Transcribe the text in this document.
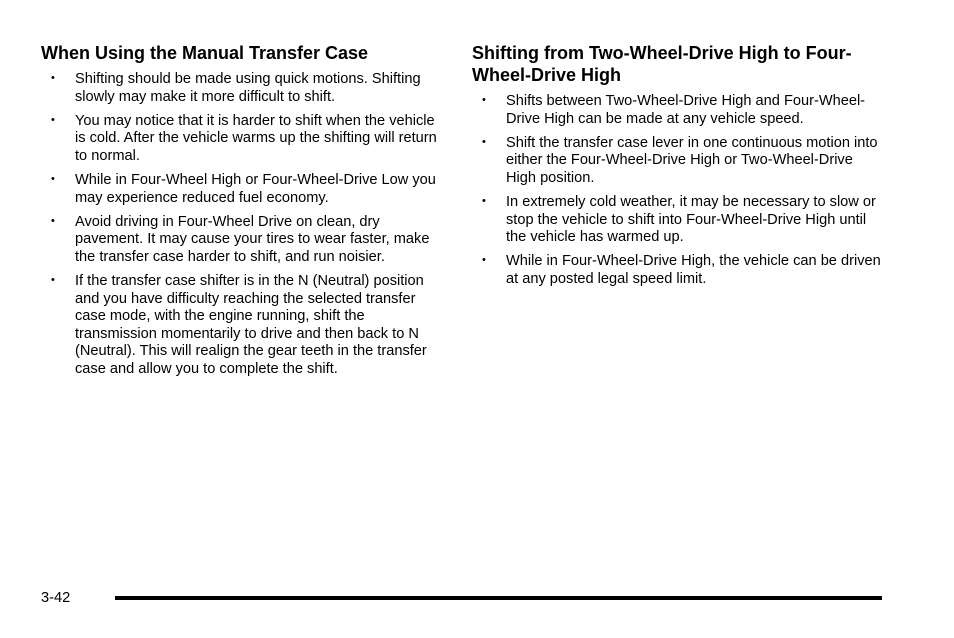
When Using the Manual Transfer Case
• Shifting should be made using quick motions. Shifting slowly may make it more difficult to shift.
• You may notice that it is harder to shift when the vehicle is cold. After the vehicle warms up the shifting will return to normal.
• While in Four-Wheel High or Four-Wheel-Drive Low you may experience reduced fuel economy.
• Avoid driving in Four-Wheel Drive on clean, dry pavement. It may cause your tires to wear faster, make the transfer case harder to shift, and run noisier.
• If the transfer case shifter is in the N (Neutral) position and you have difficulty reaching the selected transfer case mode, with the engine running, shift the transmission momentarily to drive and then back to N (Neutral). This will realign the gear teeth in the transfer case and allow you to complete the shift.
Shifting from Two-Wheel-Drive High to Four-Wheel-Drive High
• Shifts between Two-Wheel-Drive High and Four-Wheel-Drive High can be made at any vehicle speed.
• Shift the transfer case lever in one continuous motion into either the Four-Wheel-Drive High or Two-Wheel-Drive High position.
• In extremely cold weather, it may be necessary to slow or stop the vehicle to shift into Four-Wheel-Drive High until the vehicle has warmed up.
• While in Four-Wheel-Drive High, the vehicle can be driven at any posted legal speed limit.
3-42
